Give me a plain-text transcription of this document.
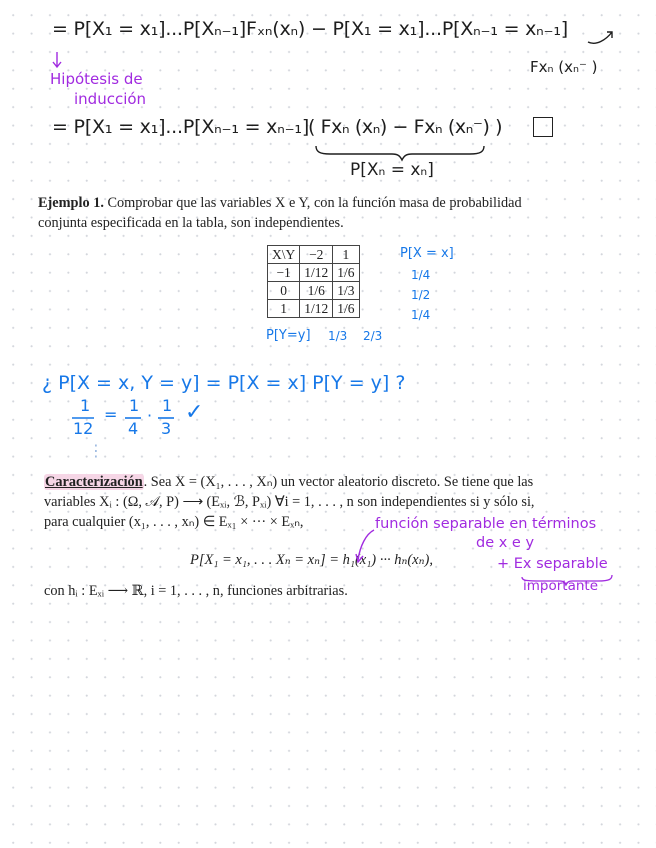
= P[X₁ = x₁]...P[Xₙ₋₁]Fₓₙ(xₙ) − P[X₁ = x₁]...P[Xₙ₋₁ = xₙ₋₁]
Fxₙ (xₙ⁻ )
Hipótesis de
inducción
= P[X₁ = x₁]...P[Xₙ₋₁ = xₙ₋₁]
( Fxₙ (xₙ) − Fxₙ (xₙ⁻) )
P[Xₙ = xₙ]
Ejemplo 1. Comprobar que las variables X e Y, con la función masa de probabilidad
conjunta especificada en la tabla, son independientes.
X\Y	−2	1
−1	1/12	1/6
0	1/6	1/3
1	1/12	1/6
P[X = x]
1/4
1/2
1/4
P[Y=y] 1/3 2/3
¿ P[X = x, Y = y] = P[X = x] P[Y = y] ?
1
12
= 1
4
·
1
3
✓
⋮
Caracterización. Sea X = (X₁, . . . , Xₙ) un vector aleatorio discreto. Se tiene que las
variables Xᵢ : (Ω, 𝒜, P) ⟶ (Eₓᵢ, ℬ, Pₓᵢ) ∀i = 1, . . . , n son independientes si y sólo si,
para cualquier (x₁, . . . , xₙ) ∈ Eₓ₁ × ··· × Eₓₙ,
P[X₁ = x₁, . . . Xₙ = xₙ] = h₁(x₁) ··· hₙ(xₙ),
con hᵢ : Eₓᵢ ⟶ ℝ, i = 1, . . . , n, funciones arbitrarias.
función separable en términos
de x e y
+ Ex separable
importante
